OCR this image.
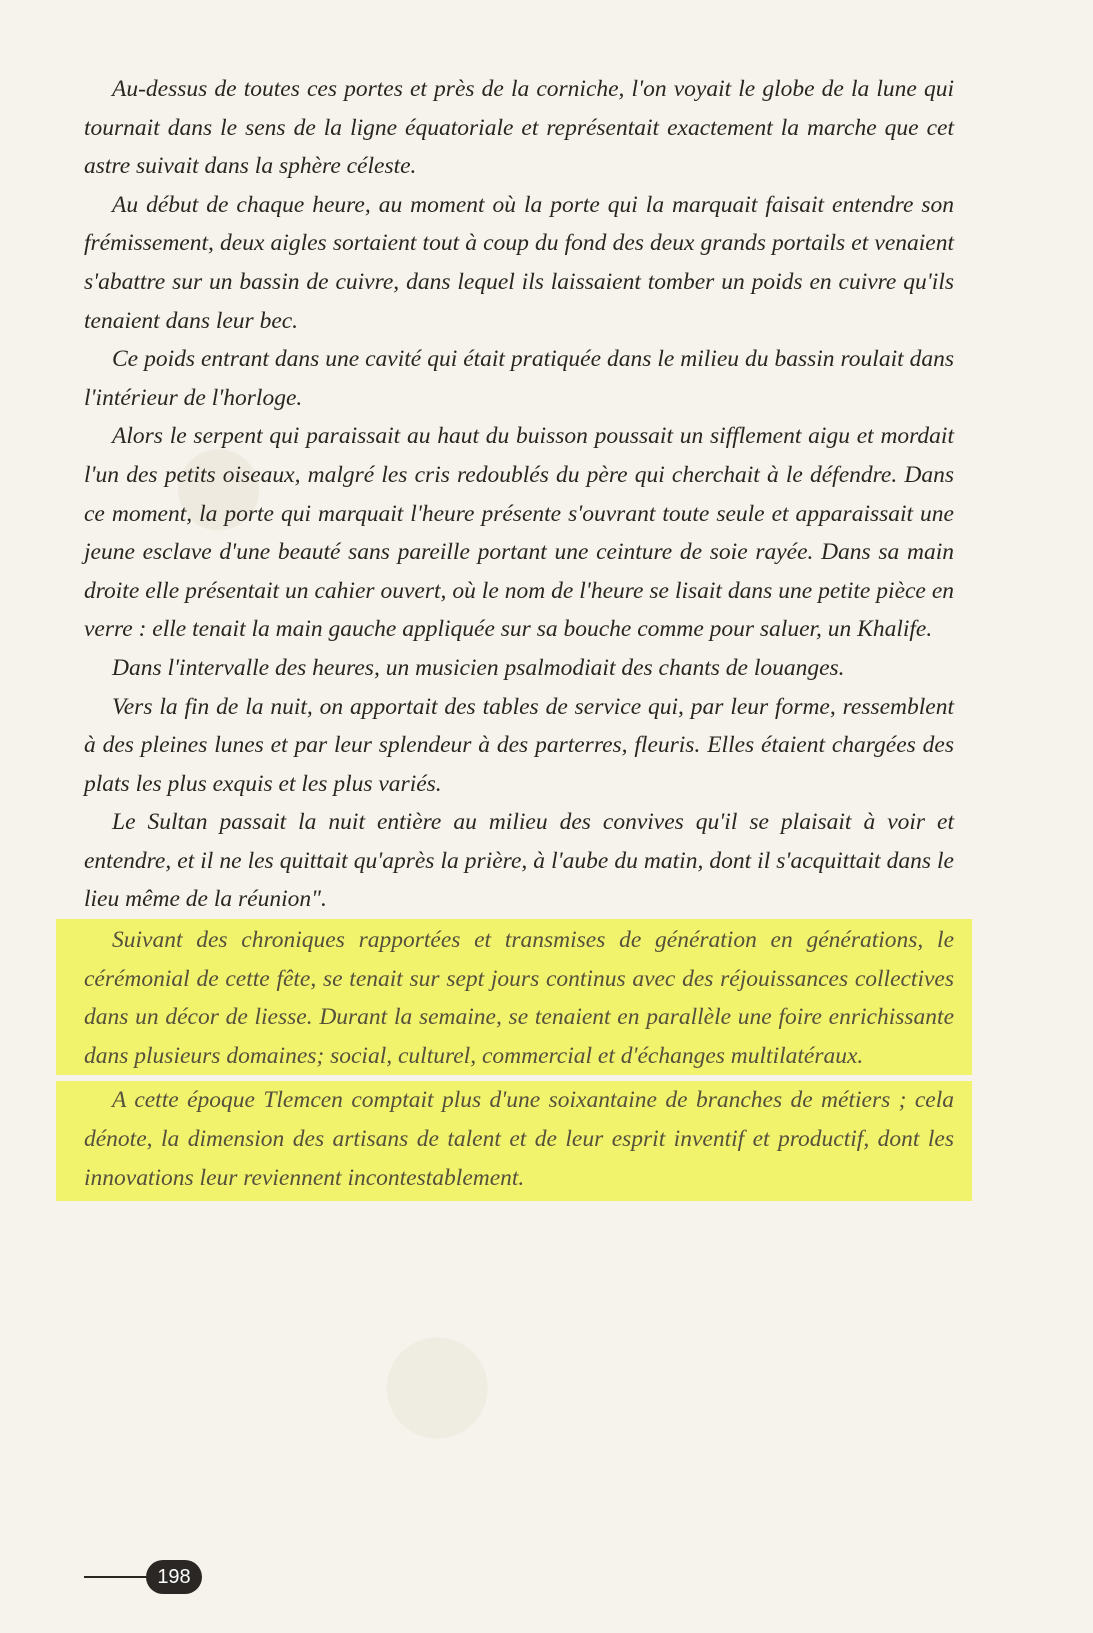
Au-dessus de toutes ces portes et près de la corniche, l'on voyait le globe de la lune qui tournait dans le sens de la ligne équatoriale et représentait exactement la marche que cet astre suivait dans la sphère céleste.

Au début de chaque heure, au moment où la porte qui la marquait faisait entendre son frémissement, deux aigles sortaient tout à coup du fond des deux grands portails et venaient s'abattre sur un bassin de cuivre, dans lequel ils laissaient tomber un poids en cuivre qu'ils tenaient dans leur bec.

Ce poids entrant dans une cavité qui était pratiquée dans le milieu du bassin roulait dans l'intérieur de l'horloge.

Alors le serpent qui paraissait au haut du buisson poussait un sifflement aigu et mordait l'un des petits oiseaux, malgré les cris redoublés du père qui cherchait à le défendre. Dans ce moment, la porte qui marquait l'heure présente s'ouvrant toute seule et apparaissait une jeune esclave d'une beauté sans pareille portant une ceinture de soie rayée. Dans sa main droite elle présentait un cahier ouvert, où le nom de l'heure se lisait dans une petite pièce en verre : elle tenait la main gauche appliquée sur sa bouche comme pour saluer, un Khalife.

Dans l'intervalle des heures, un musicien psalmodiait des chants de louanges.

Vers la fin de la nuit, on apportait des tables de service qui, par leur forme, ressemblent à des pleines lunes et par leur splendeur à des parterres, fleuris. Elles étaient chargées des plats les plus exquis et les plus variés.

Le Sultan passait la nuit entière au milieu des convives qu'il se plaisait à voir et entendre, et il ne les quittait qu'après la prière, à l'aube du matin, dont il s'acquittait dans le lieu même de la réunion".

Suivant des chroniques rapportées et transmises de génération en générations, le cérémonial de cette fête, se tenait sur sept jours continus avec des réjouissances collectives dans un décor de liesse. Durant la semaine, se tenaient en parallèle une foire enrichissante dans plusieurs domaines; social, culturel, commercial et d'échanges multilatéraux.

A cette époque Tlemcen comptait plus d'une soixantaine de branches de métiers ; cela dénote, la dimension des artisans de talent et de leur esprit inventif et productif, dont les innovations leur reviennent incontestablement.

198
